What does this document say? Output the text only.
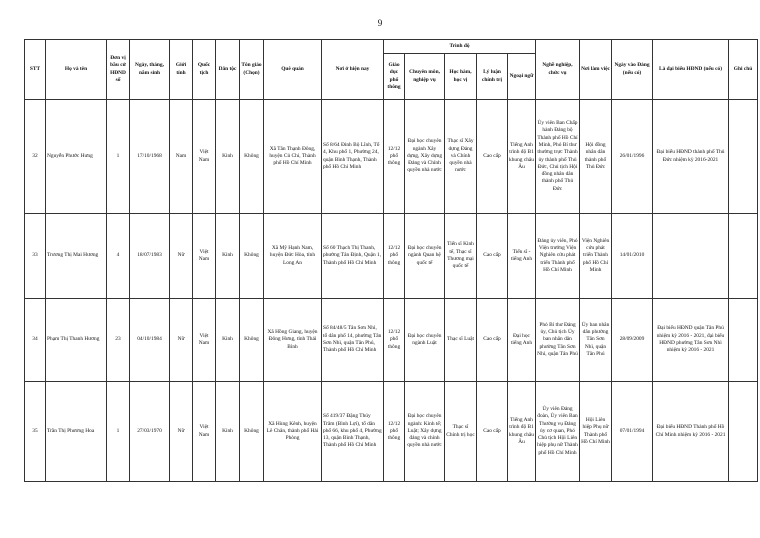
9
STT	Họ và tên	Đơn vị bầu cử HĐND số	Ngày, tháng, năm sinh	Giới tính	Quốc tịch	Dân tộc	Tôn giáo (Chọn)	Quê quán	Nơi ở hiện nay	Trình độ					Nghề nghiệp, chức vụ	Nơi làm việc	Ngày vào Đảng (nếu có)	Là đại biểu HĐND (nếu có)	Ghi chú
										Giáo dục phổ thông	Chuyên môn, nghiệp vụ	Học hàm, học vị	Lý luận chính trị	Ngoại ngữ					
32	Nguyễn Phước Hưng	1	17/10/1968	Nam	Việt Nam	Kinh	Không	Xã Tân Thạnh Đông, huyện Củ Chi, Thành phố Hồ Chí Minh	Số 8/64 Đinh Bộ Lĩnh, Tổ 4, Khu phố 1, Phường 24, quận Bình Thạnh, Thành phố Hồ Chí Minh	12/12 phổ thông	Đại học chuyên ngành Xây dựng, Xây dựng Đảng và Chính quyền nhà nước	Thạc sĩ Xây dựng Đảng và Chính quyền nhà nước	Cao cấp	Tiếng Anh trình độ B1 khung châu Âu	Ủy viên Ban Chấp hành Đảng bộ Thành phố Hồ Chí Minh, Phó Bí thư thường trực Thành ủy thành phố Thủ Đức, Chủ tịch Hội đồng nhân dân thành phố Thủ Đức	Hội đồng nhân dân thành phố Thủ Đức	26/01/1996	Đại biểu HĐND thành phố Thủ Đức nhiệm kỳ 2016-2021	
33	Trương Thị Mai Hương	4	18/07/1983	Nữ	Việt Nam	Kinh	Không	Xã Mỹ Hạnh Nam, huyện Đức Hòa, tỉnh Long An	Số 60 Thạch Thị Thanh, phường Tân Định, Quận 1, Thành phố Hồ Chí Minh	12/12 phổ thông	Đại học chuyên ngành Quan hệ quốc tế	Tiến sĩ Kinh tế, Thạc sĩ Thương mại quốc tế	Cao cấp	Tiến sĩ - tiếng Anh	Đảng ủy viên, Phó Viện trưởng Viện Nghiên cứu phát triển Thành phố Hồ Chí Minh	Viện Nghiên cứu phát triển Thành phố Hồ Chí Minh	14/01/2010		
34	Phạm Thị Thanh Hương	23	04/10/1984	Nữ	Việt Nam	Kinh	Không	Xã Hồng Giang, huyện Đông Hưng, tỉnh Thái Bình	Số 84/48/5 Tân Sơn Nhì, tổ dân phố 14, phường Tân Sơn Nhì, quận Tân Phú, Thành phố Hồ Chí Minh	12/12 phổ thông	Đại học chuyên ngành Luật	Thạc sĩ Luật	Cao cấp	Đại học tiếng Anh	Phó Bí thư Đảng ủy, Chủ tịch Ủy ban nhân dân phường Tân Sơn Nhì, quận Tân Phú	Ủy ban nhân dân phường Tân Sơn Nhì, quận Tân Phú	28/09/2009	Đại biểu HĐND quận Tân Phú nhiệm kỳ 2016 - 2021, đại biểu HĐND phường Tân Sơn Nhì nhiệm kỳ 2016 - 2021	
35	Trần Thị Phương Hoa	1	27/03/1970	Nữ	Việt Nam	Kinh	Không	Xã Hùng Kênh, huyện Lê Chân, thành phố Hải Phòng	Số 419/37 Đặng Thúy Trâm (Bình Lợi), tổ dân phố 66, khu phố 4, Phường 13, quận Bình Thạnh, Thành phố Hồ Chí Minh	12/12 phổ thông	Đại học chuyên ngành: Kinh tế; Luật; Xây dựng đảng và chính quyền nhà nước	Thạc sĩ Chính trị học	Cao cấp	Tiếng Anh trình độ B1 khung châu Âu	Ủy viên Đảng đoàn, Ủy viên Ban Thường vụ Đảng ủy cơ quan, Phó Chủ tịch Hội Liên hiệp phụ nữ Thành phố Hồ Chí Minh	Hội Liên hiệp Phụ nữ Thành phố Hồ Chí Minh	07/01/1994	Đại biểu HĐND Thành phố Hồ Chí Minh nhiệm kỳ 2016 - 2021	
